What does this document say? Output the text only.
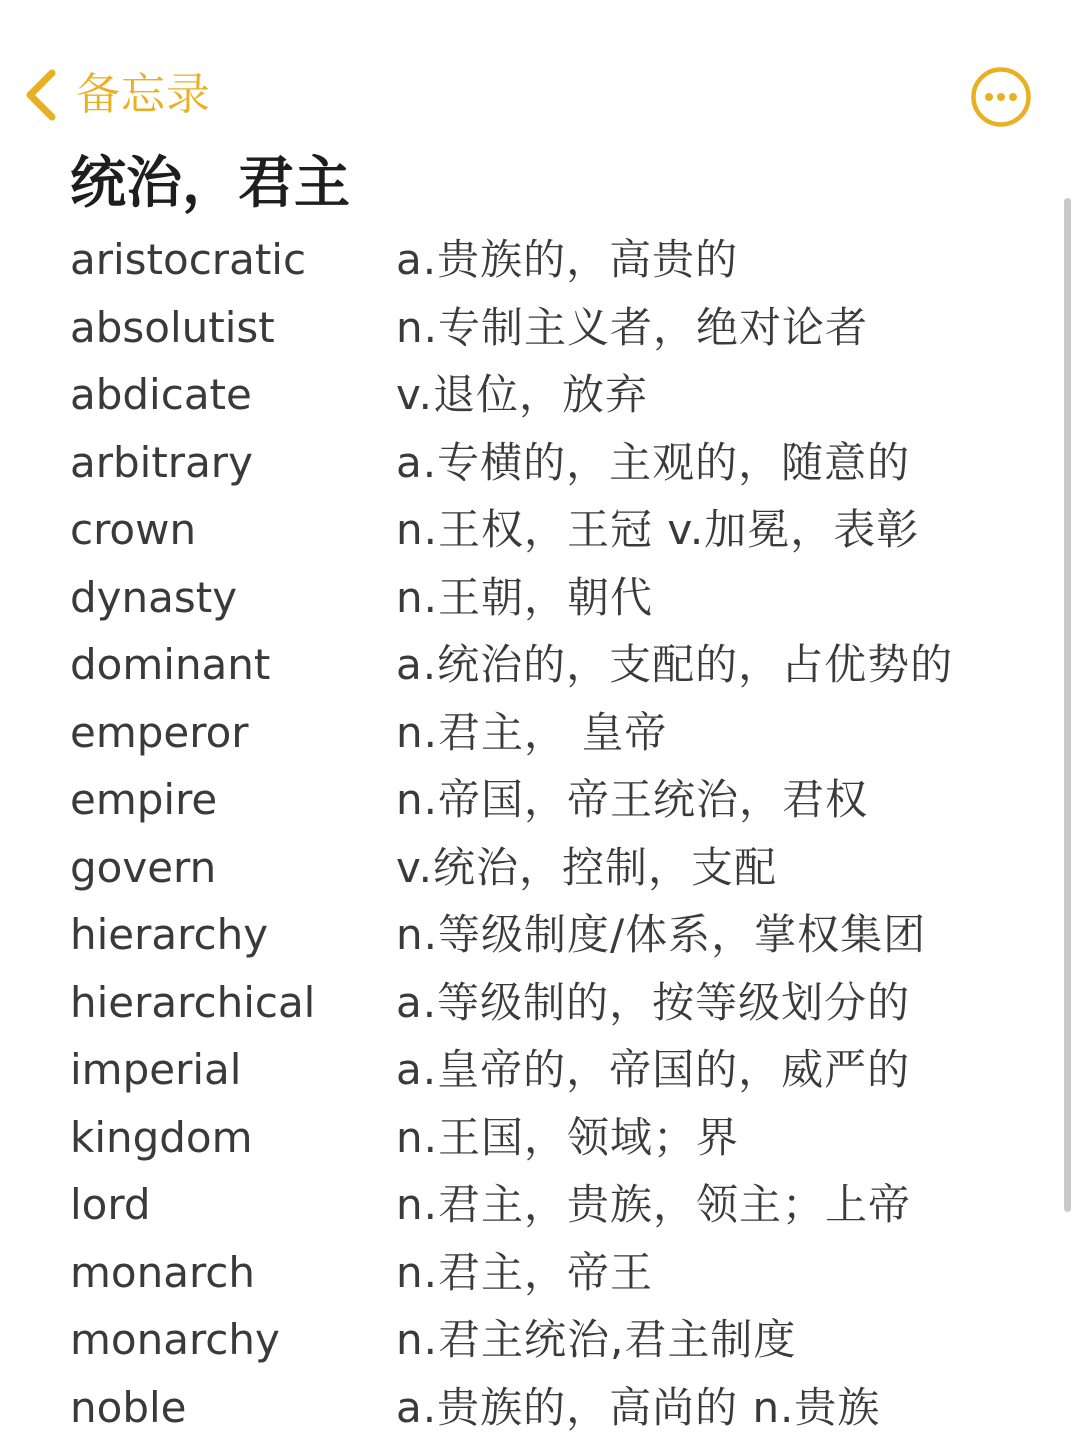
备忘录
统治，君主
aristocratic a.贵族的，高贵的
absolutist	n.专制主义者，绝对论者
abdicate	v.退位，放弃
arbitrary	a.专横的，主观的，随意的
crown	n.王权，王冠 v.加冕，表彰
dynasty	n.王朝，朝代
dominant	a.统治的，支配的，占优势的
emperor	n.君主， 皇帝
empire	n.帝国，帝王统治，君权
govern	v.统治，控制，支配
hierarchy	n.等级制度/体系，掌权集团
hierarchical a.等级制的，按等级划分的
imperial	a.皇帝的，帝国的，威严的
kingdom	n.王国，领域；界
lord	n.君主，贵族，领主；上帝
monarch	n.君主，帝王
monarchy	n.君主统治,君主制度
noble	a.贵族的，高尚的 n.贵族
